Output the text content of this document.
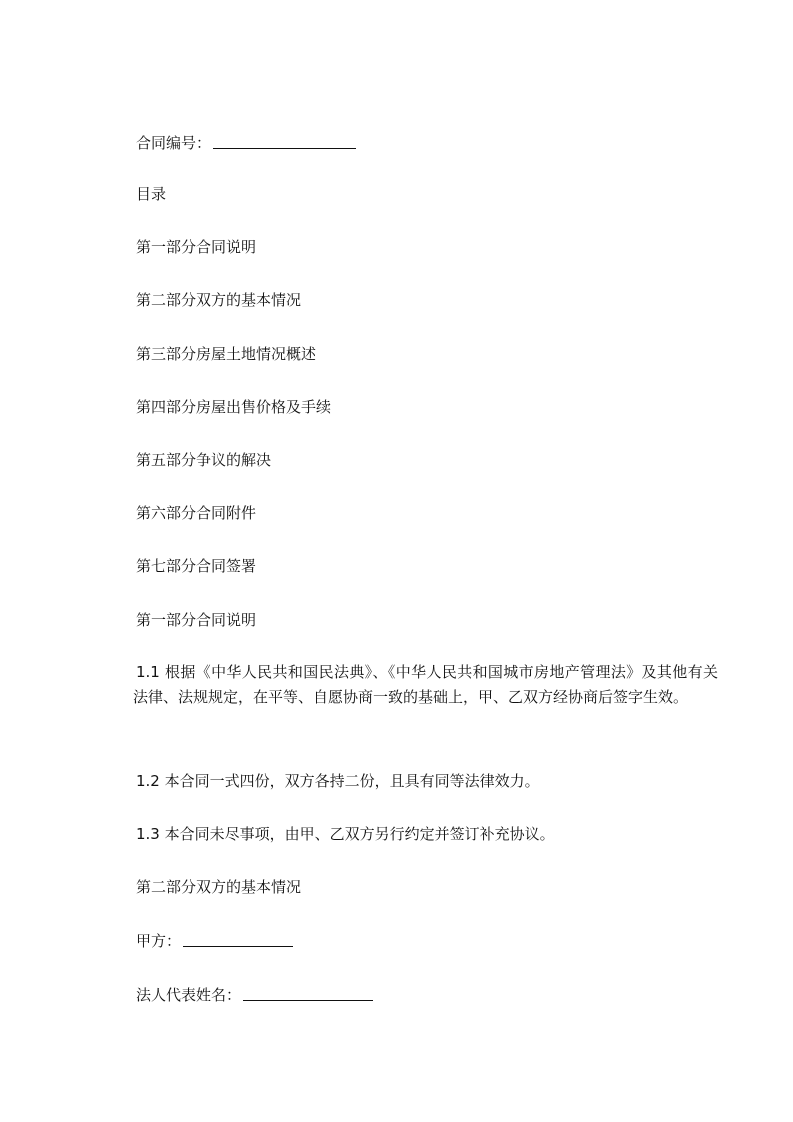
合同编号：
目录
第一部分合同说明
第二部分双方的基本情况
第三部分房屋土地情况概述
第四部分房屋出售价格及手续
第五部分争议的解决
第六部分合同附件
第七部分合同签署
第一部分合同说明
1.1 根据《中华人民共和国民法典》、《中华人民共和国城市房地产管理法》及其他有关法律、法规规定，在平等、自愿协商一致的基础上，甲、乙双方经协商后签字生效。
1.2 本合同一式四份，双方各持二份，且具有同等法律效力。
1.3 本合同未尽事项，由甲、乙双方另行约定并签订补充协议。
第二部分双方的基本情况
甲方：
法人代表姓名：
